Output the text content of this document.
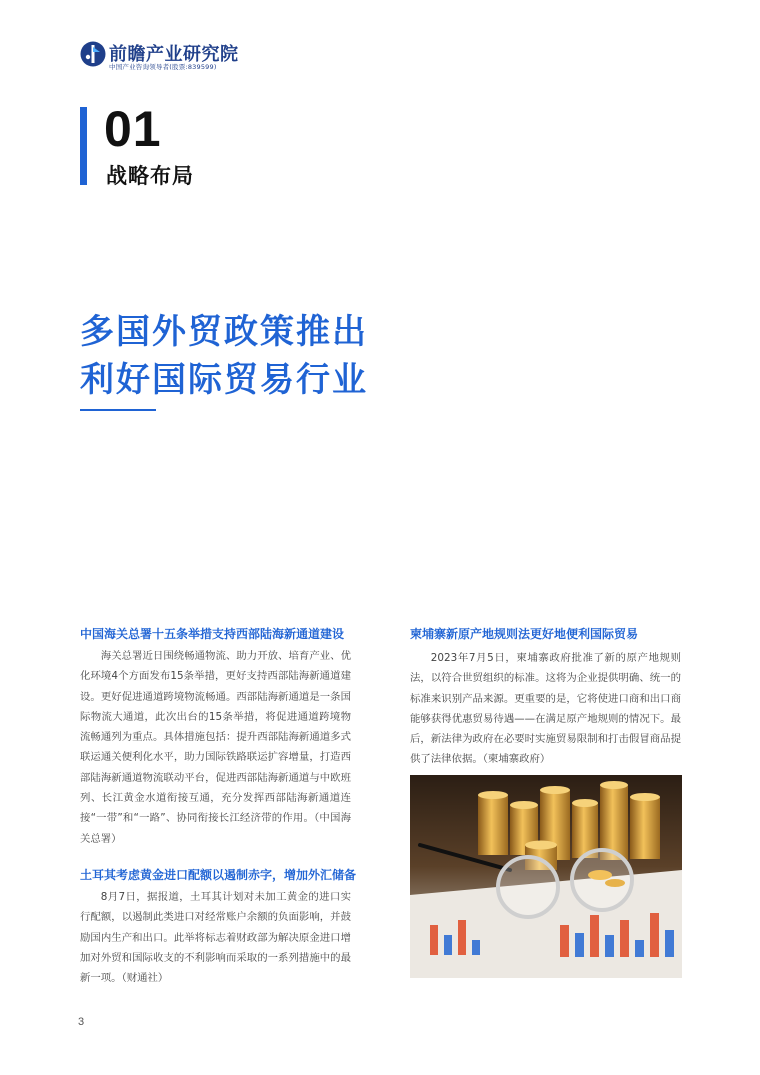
前瞻产业研究院
中国产业咨询领导者(股票:839599)
01
战略布局
多国外贸政策推出
利好国际贸易行业
中国海关总署十五条举措支持西部陆海新通道建设
海关总署近日围绕畅通物流、助力开放、培育产业、优化环境4个方面发布15条举措，更好支持西部陆海新通道建设。更好促进通道跨境物流畅通。西部陆海新通道是一条国际物流大通道，此次出台的15条举措，将促进通道跨境物流畅通列为重点。具体措施包括：提升西部陆海新通道多式联运通关便利化水平，助力国际铁路联运扩容增量，打造西部陆海新通道物流联动平台，促进西部陆海新通道与中欧班列、长江黄金水道衔接互通，充分发挥西部陆海新通道连接“一带”和“一路”、协同衔接长江经济带的作用。（中国海关总署）
土耳其考虑黄金进口配额以遏制赤字，增加外汇储备
8月7日，据报道，土耳其计划对未加工黄金的进口实行配额，以遏制此类进口对经常账户余额的负面影响，并鼓励国内生产和出口。此举将标志着财政部为解决原金进口增加对外贸和国际收支的不利影响而采取的一系列措施中的最新一项。（财通社）
柬埔寨新原产地规则法更好地便利国际贸易
2023年7月5日，柬埔寨政府批准了新的原产地规则法，以符合世贸组织的标准。这将为企业提供明确、统一的标准来识别产品来源。更重要的是，它将使进口商和出口商能够获得优惠贸易待遇——在满足原产地规则的情况下。最后，新法律为政府在必要时实施贸易限制和打击假冒商品提供了法律依据。（柬埔寨政府）
3
